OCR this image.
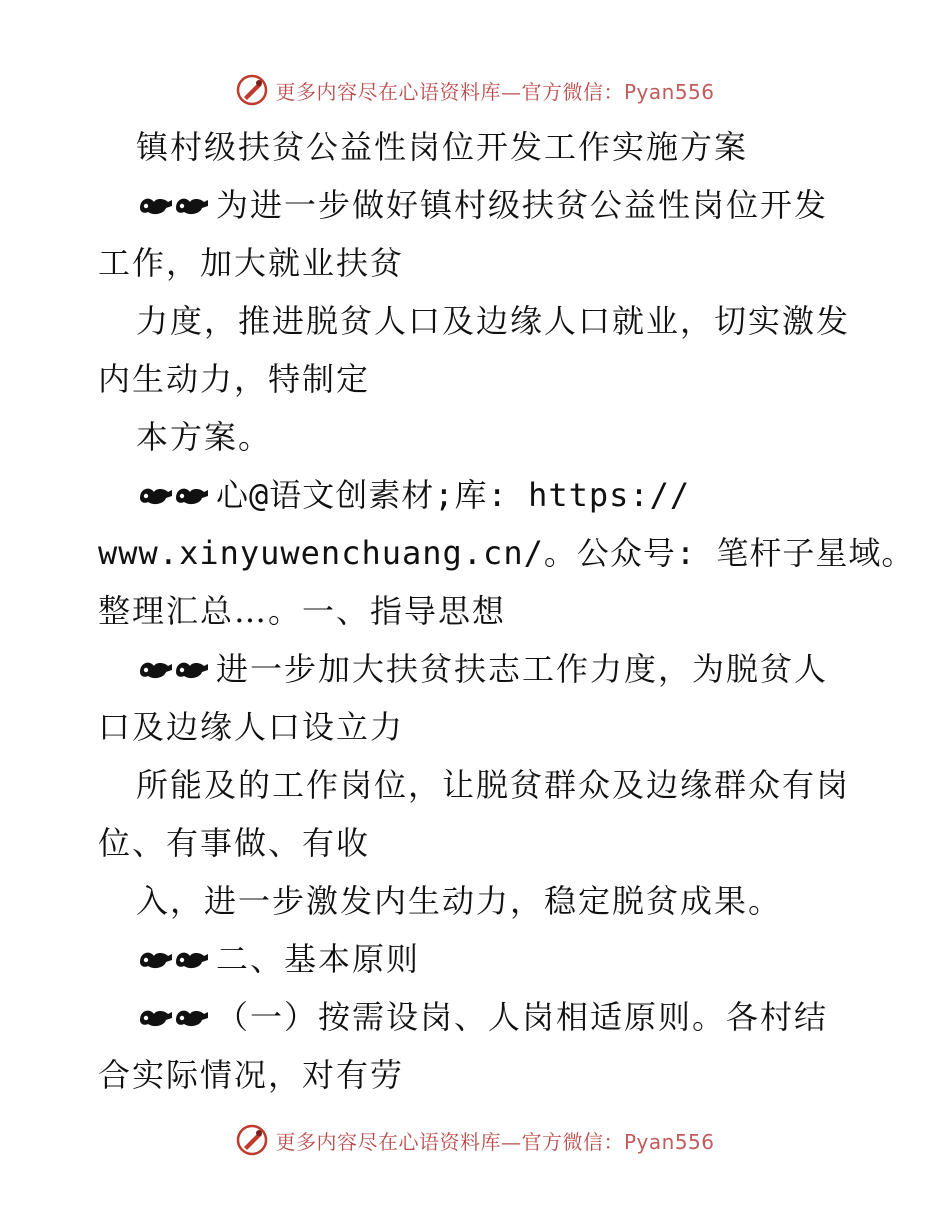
更多内容尽在心语资料库—官方微信：Pyan556
镇村级扶贫公益性岗位开发工作实施方案
为进一步做好镇村级扶贫公益性岗位开发
工作，加大就业扶贫
力度，推进脱贫人口及边缘人口就业，切实激发
内生动力，特制定
本方案。
心@语文创素材;库: https://
www.xinyuwenchuang.cn/。公众号: 笔杆子星域。
整理汇总…。一、指导思想
进一步加大扶贫扶志工作力度，为脱贫人
口及边缘人口设立力
所能及的工作岗位，让脱贫群众及边缘群众有岗
位、有事做、有收
入，进一步激发内生动力，稳定脱贫成果。
二、基本原则
（一）按需设岗、人岗相适原则。各村结
合实际情况，对有劳
更多内容尽在心语资料库—官方微信：Pyan556
